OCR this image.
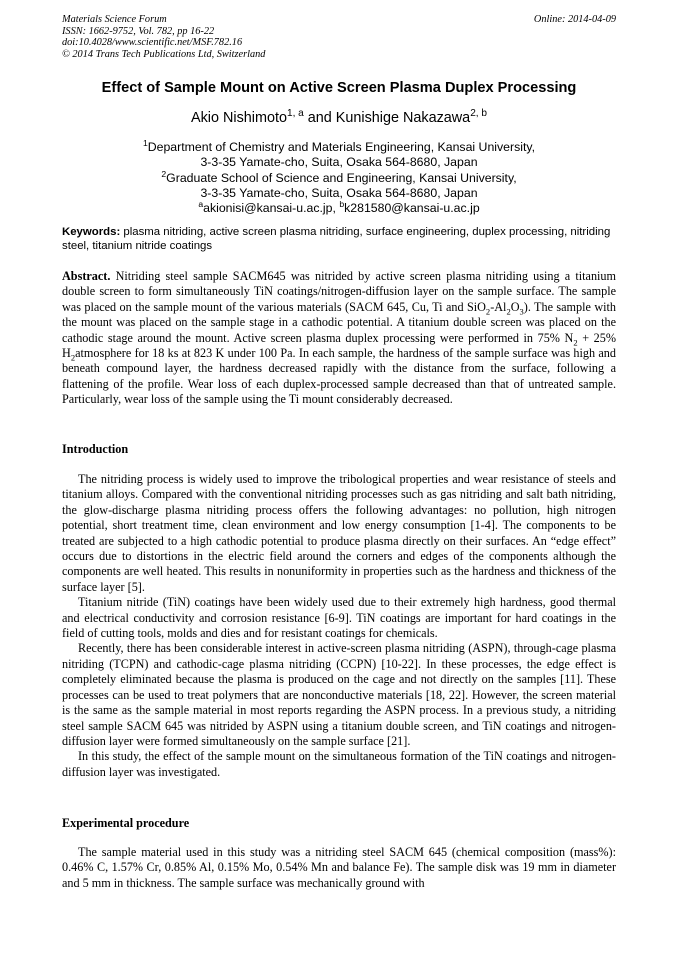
Materials Science Forum
ISSN: 1662-9752, Vol. 782, pp 16-22
doi:10.4028/www.scientific.net/MSF.782.16
© 2014 Trans Tech Publications Ltd, Switzerland
Online: 2014-04-09
Effect of Sample Mount on Active Screen Plasma Duplex Processing
Akio Nishimoto$^{1, a}$ and Kunishige Nakazawa$^{2, b}$
$^1$Department of Chemistry and Materials Engineering, Kansai University,
3-3-35 Yamate-cho, Suita, Osaka 564-8680, Japan
$^2$Graduate School of Science and Engineering, Kansai University,
3-3-35 Yamate-cho, Suita, Osaka 564-8680, Japan
$^a$akionisi@kansai-u.ac.jp, $^b$k281580@kansai-u.ac.jp
Keywords: plasma nitriding, active screen plasma nitriding, surface engineering, duplex processing, nitriding steel, titanium nitride coatings

Abstract. Nitriding steel sample SACM645 was nitrided by active screen plasma nitriding using a titanium double screen to form simultaneously TiN coatings/nitrogen-diffusion layer on the sample surface. The sample was placed on the sample mount of the various materials (SACM 645, Cu, Ti and $SiO_2-Al_2O_3$). The sample with the mount was placed on the sample stage in a cathodic potential. A titanium double screen was placed on the cathodic stage around the mount. Active screen plasma duplex processing were performed in 75% $N_2 + 25\%$ $H_2atmosphere$ for 18 ks at 823 K under 100 Pa. In each sample, the hardness of the sample surface was high and beneath compound layer, the hardness decreased rapidly with the distance from the surface, following a flattening of the profile. Wear loss of each duplex-processed sample decreased than that of untreated sample. Particularly, wear loss of the sample using the Ti mount considerably decreased.

Introduction

The nitriding process is widely used to improve the tribological properties and wear resistance of steels and titanium alloys. Compared with the conventional nitriding processes such as gas nitriding and salt bath nitriding, the glow-discharge plasma nitriding process offers the following advantages: no pollution, high nitrogen potential, short treatment time, clean environment and low energy consumption [1-4]. The components to be treated are subjected to a high cathodic potential to produce plasma directly on their surfaces. An “edge effect” occurs due to distortions in the electric field around the corners and edges of the components although the components are well heated. This results in nonuniformity in properties such as the hardness and thickness of the surface layer [5].

Titanium nitride (TiN) coatings have been widely used due to their extremely high hardness, good thermal and electrical conductivity and corrosion resistance [6-9]. TiN coatings are important for hard coatings in the field of cutting tools, molds and dies and for resistant coatings for chemicals.

Recently, there has been considerable interest in active-screen plasma nitriding (ASPN), through-cage plasma nitriding (TCPN) and cathodic-cage plasma nitriding (CCPN) [10-22]. In these processes, the edge effect is completely eliminated because the plasma is produced on the cage and not directly on the samples [11]. These processes can be used to treat polymers that are nonconductive materials [18, 22]. However, the screen material is the same as the sample material in most reports regarding the ASPN process. In a previous study, a nitriding steel sample SACM 645 was nitrided by ASPN using a titanium double screen, and TiN coatings and nitrogen-diffusion layer were formed simultaneously on the sample surface [21].

In this study, the effect of the sample mount on the simultaneous formation of the TiN coatings and nitrogen-diffusion layer was investigated.

Experimental procedure

The sample material used in this study was a nitriding steel SACM 645 (chemical composition (mass%): 0.46% C, 1.57% Cr, 0.85% Al, 0.15% Mo, 0.54% Mn and balance Fe). The sample disk was 19 mm in diameter and 5 mm in thickness. The sample surface was mechanically ground with
